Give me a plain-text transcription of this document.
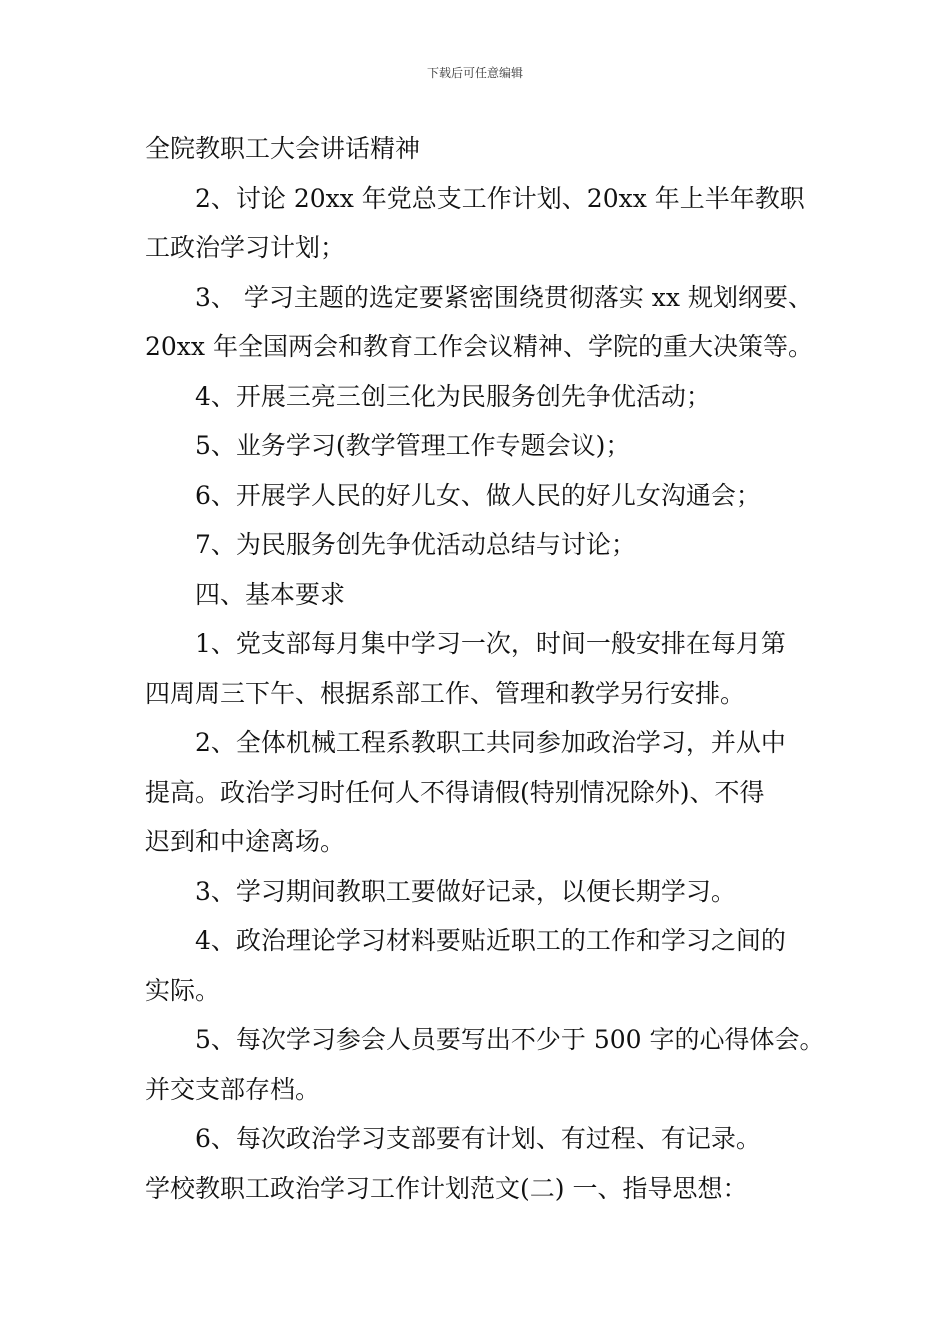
下载后可任意编辑

全院教职工大会讲话精神

2、讨论 20xx 年党总支工作计划、20xx 年上半年教职

工政治学习计划；

3、 学习主题的选定要紧密围绕贯彻落实 xx 规划纲要、

20xx 年全国两会和教育工作会议精神、学院的重大决策等。

4、开展三亮三创三化为民服务创先争优活动；

5、业务学习(教学管理工作专题会议)；

6、开展学人民的好儿女、做人民的好儿女沟通会；

7、为民服务创先争优活动总结与讨论；

四、基本要求

1、党支部每月集中学习一次，时间一般安排在每月第

四周周三下午、根据系部工作、管理和教学另行安排。

2、全体机械工程系教职工共同参加政治学习，并从中

提高。政治学习时任何人不得请假(特别情况除外)、不得

迟到和中途离场。

3、学习期间教职工要做好记录，以便长期学习。

4、政治理论学习材料要贴近职工的工作和学习之间的

实际。

5、每次学习参会人员要写出不少于 500 字的心得体会。

并交支部存档。

6、每次政治学习支部要有计划、有过程、有记录。

学校教职工政治学习工作计划范文(二) 一、指导思想：
